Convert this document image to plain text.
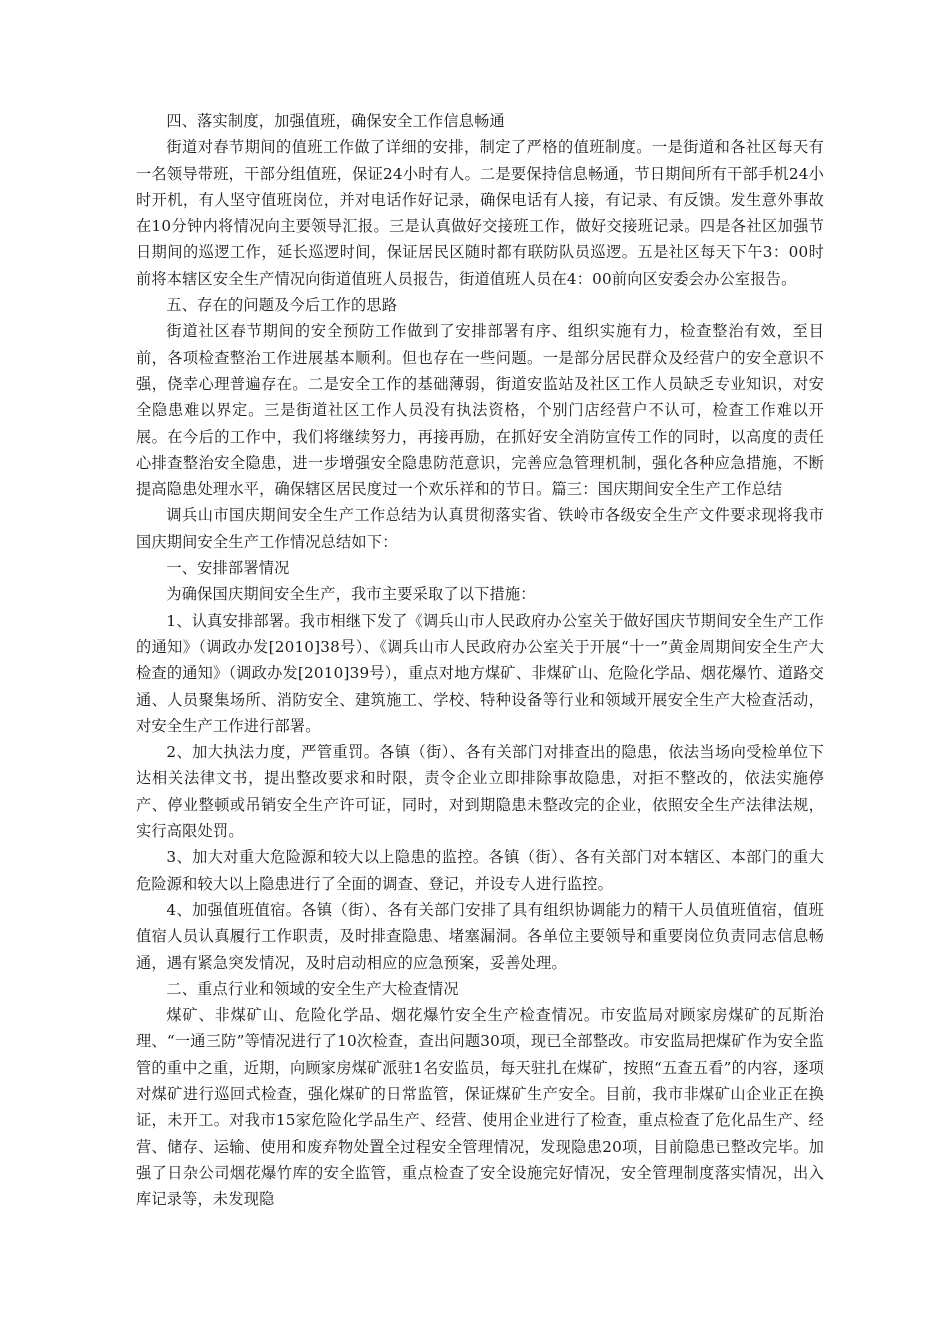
四、落实制度，加强值班，确保安全工作信息畅通

街道对春节期间的值班工作做了详细的安排，制定了严格的值班制度。一是街道和各社区每天有一名领导带班，干部分组值班，保证24小时有人。二是要保持信息畅通，节日期间所有干部手机24小时开机，有人坚守值班岗位，并对电话作好记录，确保电话有人接，有记录、有反馈。发生意外事故在10分钟内将情况向主要领导汇报。三是认真做好交接班工作，做好交接班记录。四是各社区加强节日期间的巡逻工作，延长巡逻时间，保证居民区随时都有联防队员巡逻。五是社区每天下午3：00时前将本辖区安全生产情况向街道值班人员报告，街道值班人员在4：00前向区安委会办公室报告。

五、存在的问题及今后工作的思路

街道社区春节期间的安全预防工作做到了安排部署有序、组织实施有力，检查整治有效，至目前，各项检查整治工作进展基本顺利。但也存在一些问题。一是部分居民群众及经营户的安全意识不强，侥幸心理普遍存在。二是安全工作的基础薄弱，街道安监站及社区工作人员缺乏专业知识，对安全隐患难以界定。三是街道社区工作人员没有执法资格，个别门店经营户不认可，检查工作难以开展。在今后的工作中，我们将继续努力，再接再励，在抓好安全消防宣传工作的同时，以高度的责任心排查整治安全隐患，进一步增强安全隐患防范意识，完善应急管理机制，强化各种应急措施，不断提高隐患处理水平，确保辖区居民度过一个欢乐祥和的节日。篇三：国庆期间安全生产工作总结

调兵山市国庆期间安全生产工作总结为认真贯彻落实省、铁岭市各级安全生产文件要求现将我市国庆期间安全生产工作情况总结如下：

一、安排部署情况

为确保国庆期间安全生产，我市主要采取了以下措施：

1、认真安排部署。我市相继下发了《调兵山市人民政府办公室关于做好国庆节期间安全生产工作的通知》（调政办发[2010]38号）、《调兵山市人民政府办公室关于开展“十一”黄金周期间安全生产大检查的通知》（调政办发[2010]39号），重点对地方煤矿、非煤矿山、危险化学品、烟花爆竹、道路交通、人员聚集场所、消防安全、建筑施工、学校、特种设备等行业和领域开展安全生产大检查活动，对安全生产工作进行部署。

2、加大执法力度，严管重罚。各镇（街）、各有关部门对排查出的隐患，依法当场向受检单位下达相关法律文书，提出整改要求和时限，责令企业立即排除事故隐患，对拒不整改的，依法实施停产、停业整顿或吊销安全生产许可证，同时，对到期隐患未整改完的企业，依照安全生产法律法规，实行高限处罚。

3、加大对重大危险源和较大以上隐患的监控。各镇（街）、各有关部门对本辖区、本部门的重大危险源和较大以上隐患进行了全面的调查、登记，并设专人进行监控。

4、加强值班值宿。各镇（街）、各有关部门安排了具有组织协调能力的精干人员值班值宿，值班值宿人员认真履行工作职责，及时排查隐患、堵塞漏洞。各单位主要领导和重要岗位负责同志信息畅通，遇有紧急突发情况，及时启动相应的应急预案，妥善处理。

二、重点行业和领域的安全生产大检查情况

煤矿、非煤矿山、危险化学品、烟花爆竹安全生产检查情况。市安监局对顾家房煤矿的瓦斯治理、“一通三防”等情况进行了10次检查，查出问题30项，现已全部整改。市安监局把煤矿作为安全监管的重中之重，近期，向顾家房煤矿派驻1名安监员，每天驻扎在煤矿，按照“五查五看”的内容，逐项对煤矿进行巡回式检查，强化煤矿的日常监管，保证煤矿生产安全。目前，我市非煤矿山企业正在换证，未开工。对我市15家危险化学品生产、经营、使用企业进行了检查，重点检查了危化品生产、经营、储存、运输、使用和废弃物处置全过程安全管理情况，发现隐患20项，目前隐患已整改完毕。加强了日杂公司烟花爆竹库的安全监管，重点检查了安全设施完好情况，安全管理制度落实情况，出入库记录等，未发现隐
